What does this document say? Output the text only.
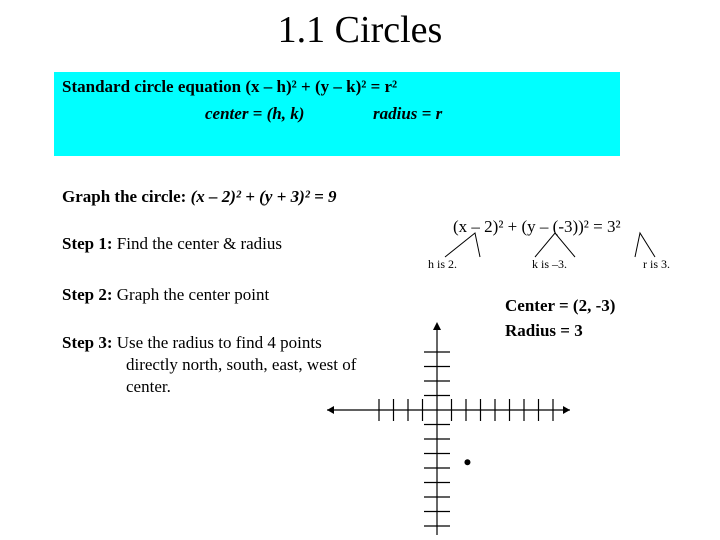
1.1 Circles
Standard circle equation (x – h)² + (y – k)² = r²
center = (h, k)	radius = r
Graph the circle: (x – 2)² + (y + 3)² = 9
Step 1: Find the center & radius
Step 2: Graph the center point
Step 3: Use the radius to find 4 points
directly north, south, east, west of center.
(x – 2)² + (y – (-3))² = 3²
h is 2.	k is –3.	r is 3.
Center = (2, -3)
Radius = 3
